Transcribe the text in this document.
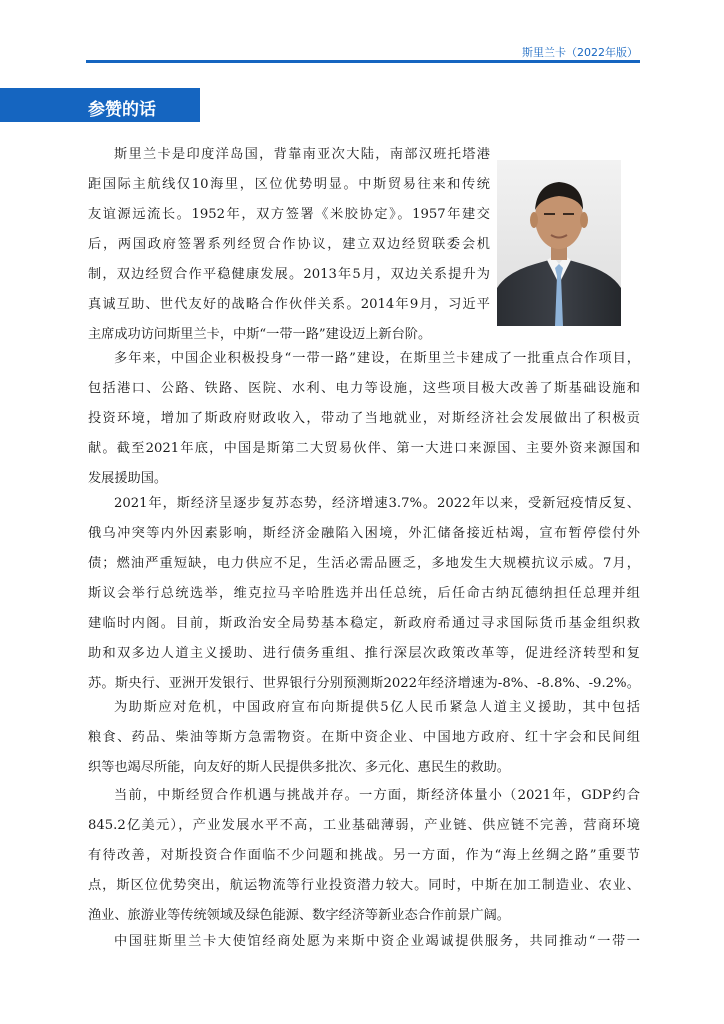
斯里兰卡（2022年版）
参赞的话
斯里兰卡是印度洋岛国，背靠南亚次大陆，南部汉班托塔港
距国际主航线仅10海里，区位优势明显。中斯贸易往来和传统
友谊源远流长。1952年，双方签署《米胶协定》。1957年建交
后，两国政府签署系列经贸合作协议，建立双边经贸联委会机
制，双边经贸合作平稳健康发展。2013年5月，双边关系提升为
真诚互助、世代友好的战略合作伙伴关系。2014年9月，习近平
主席成功访问斯里兰卡，中斯“一带一路”建设迈上新台阶。
多年来，中国企业积极投身“一带一路”建设，在斯里兰卡建成了一批重点合作项目，
包括港口、公路、铁路、医院、水利、电力等设施，这些项目极大改善了斯基础设施和
投资环境，增加了斯政府财政收入，带动了当地就业，对斯经济社会发展做出了积极贡
献。截至2021年底，中国是斯第二大贸易伙伴、第一大进口来源国、主要外资来源国和
发展援助国。
2021年，斯经济呈逐步复苏态势，经济增速3.7%。2022年以来，受新冠疫情反复、
俄乌冲突等内外因素影响，斯经济金融陷入困境，外汇储备接近枯竭，宣布暂停偿付外
债；燃油严重短缺，电力供应不足，生活必需品匮乏，多地发生大规模抗议示威。7月，
斯议会举行总统选举，维克拉马辛哈胜选并出任总统，后任命古纳瓦德纳担任总理并组
建临时内阁。目前，斯政治安全局势基本稳定，新政府希通过寻求国际货币基金组织救
助和双多边人道主义援助、进行债务重组、推行深层次政策改革等，促进经济转型和复
苏。斯央行、亚洲开发银行、世界银行分别预测斯2022年经济增速为-8%、-8.8%、-9.2%。
为助斯应对危机，中国政府宣布向斯提供5亿人民币紧急人道主义援助，其中包括
粮食、药品、柴油等斯方急需物资。在斯中资企业、中国地方政府、红十字会和民间组
织等也竭尽所能，向友好的斯人民提供多批次、多元化、惠民生的救助。
当前，中斯经贸合作机遇与挑战并存。一方面，斯经济体量小（2021年，GDP约合
845.2亿美元），产业发展水平不高，工业基础薄弱，产业链、供应链不完善，营商环境
有待改善，对斯投资合作面临不少问题和挑战。另一方面，作为“海上丝绸之路”重要节
点，斯区位优势突出，航运物流等行业投资潜力较大。同时，中斯在加工制造业、农业、
渔业、旅游业等传统领域及绿色能源、数字经济等新业态合作前景广阔。
中国驻斯里兰卡大使馆经商处愿为来斯中资企业竭诚提供服务，共同推动“一带一
